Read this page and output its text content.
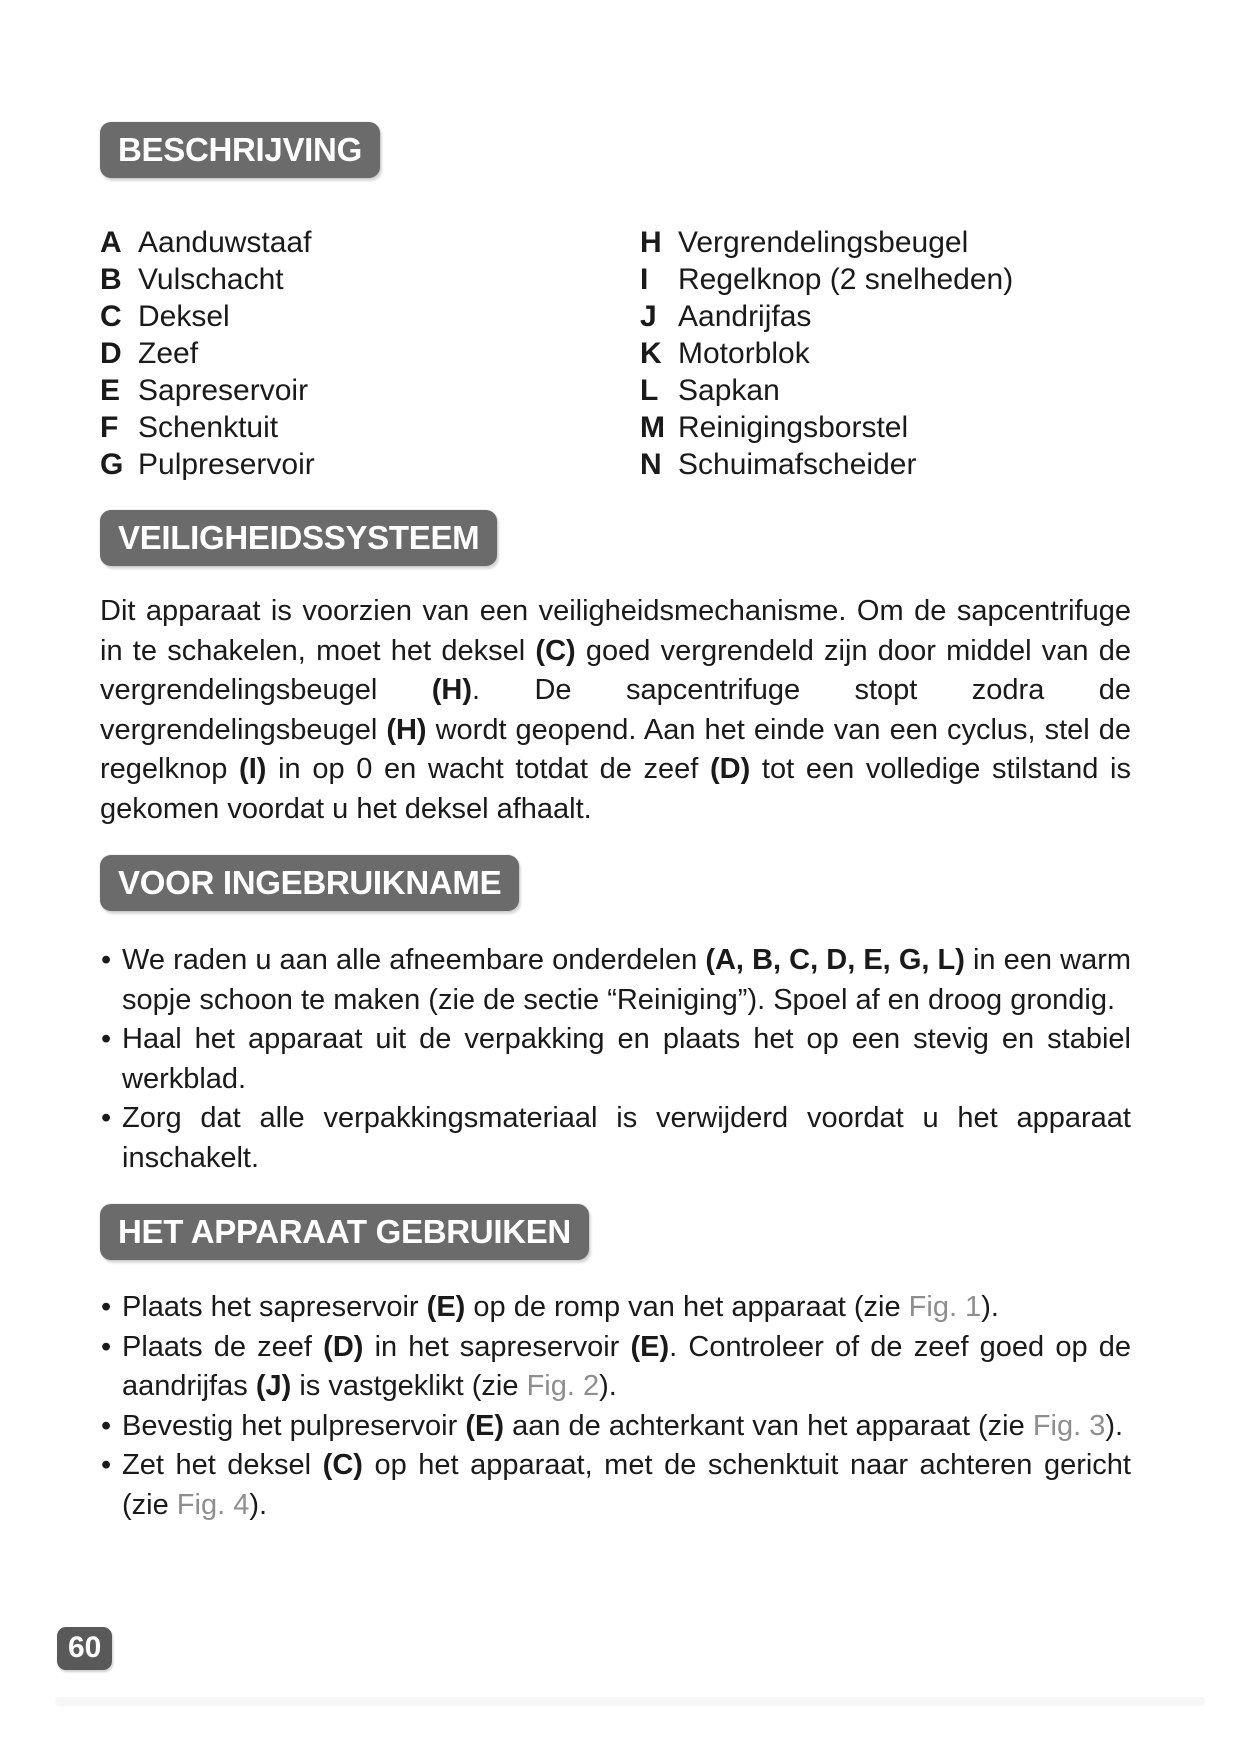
BESCHRIJVING
A Aanduwstaaf
B Vulschacht
C Deksel
D Zeef
E Sapreservoir
F Schenktuit
G Pulpreservoir
H Vergrendelingsbeugel
I Regelknop (2 snelheden)
J Aandrijfas
K Motorblok
L Sapkan
M Reinigingsborstel
N Schuimafscheider
VEILIGHEIDSSYSTEEM

Dit apparaat is voorzien van een veiligheidsmechanisme. Om de sapcentrifuge in te schakelen, moet het deksel (C) goed vergrendeld zijn door middel van de vergrendelingsbeugel (H). De sapcentrifuge stopt zodra de vergrendelingsbeugel (H) wordt geopend. Aan het einde van een cyclus, stel de regelknop (I) in op 0 en wacht totdat de zeef (D) tot een volledige stilstand is gekomen voordat u het deksel afhaalt.

VOOR INGEBRUIKNAME
• We raden u aan alle afneembare onderdelen (A, B, C, D, E, G, L) in een warm sopje schoon te maken (zie de sectie “Reiniging”). Spoel af en droog grondig.
• Haal het apparaat uit de verpakking en plaats het op een stevig en stabiel werkblad.
• Zorg dat alle verpakkingsmateriaal is verwijderd voordat u het apparaat inschakelt.
HET APPARAAT GEBRUIKEN
• Plaats het sapreservoir (E) op de romp van het apparaat (zie Fig. 1).
• Plaats de zeef (D) in het sapreservoir (E). Controleer of de zeef goed op de aandrijfas (J) is vastgeklikt (zie Fig. 2).
• Bevestig het pulpreservoir (E) aan de achterkant van het apparaat (zie Fig. 3).
• Zet het deksel (C) op het apparaat, met de schenktuit naar achteren gericht (zie Fig. 4).
60
